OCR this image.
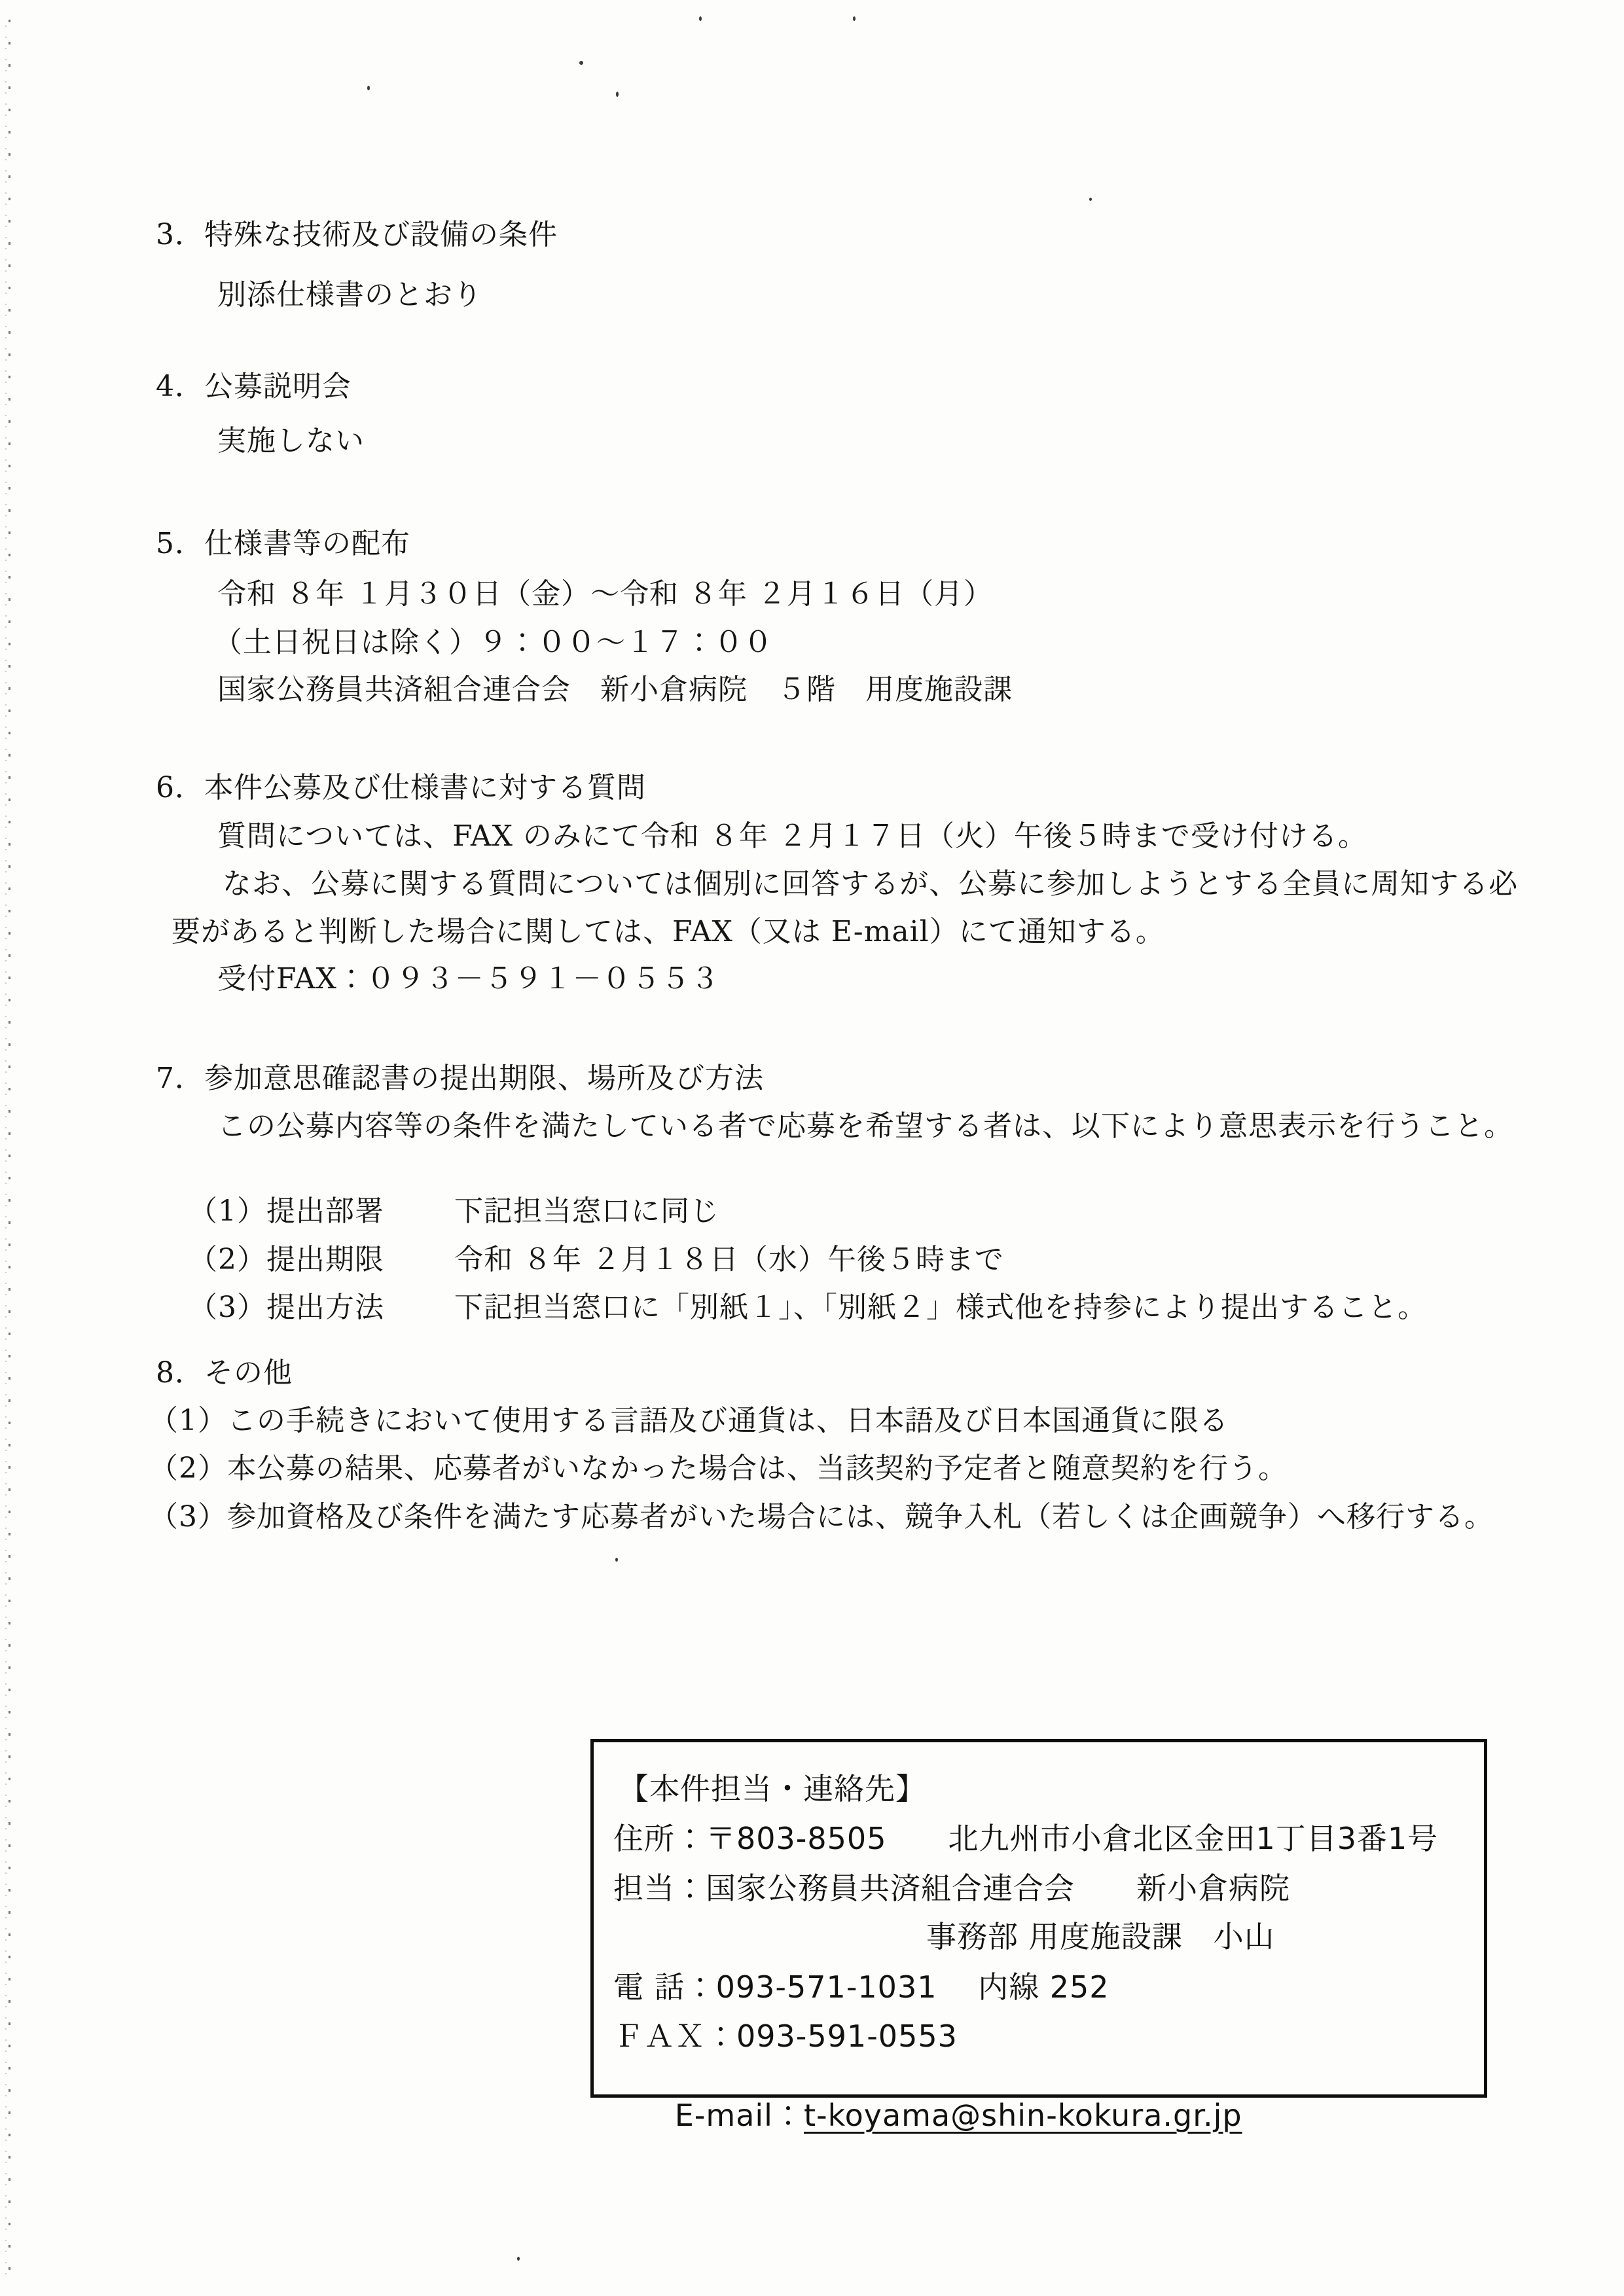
3．特殊な技術及び設備の条件
別添仕様書のとおり
4．公募説明会
実施しない
5．仕様書等の配布
令和 ８年 １月３０日（金）～令和 ８年 ２月１６日（月）
（土日祝日は除く）９：００～１７：００
国家公務員共済組合連合会　新小倉病院　５階　用度施設課
6．本件公募及び仕様書に対する質問
質問については、FAX のみにて令和 ８年 ２月１７日（火）午後５時まで受け付ける。
なお、公募に関する質問については個別に回答するが、公募に参加しようとする全員に周知する必
要があると判断した場合に関しては、FAX（又は E-mail）にて通知する。
受付FAX：０９３－５９１－０５５３
7．参加意思確認書の提出期限、場所及び方法
この公募内容等の条件を満たしている者で応募を希望する者は、以下により意思表示を行うこと。

（1）提出部署 下記担当窓口に同じ

（2）提出期限 令和 ８年 ２月１８日（水）午後５時まで

（3）提出方法 下記担当窓口に「別紙１」、「別紙２」様式他を持参により提出すること。

8．その他
（1）この手続きにおいて使用する言語及び通貨は、日本語及び日本国通貨に限る
（2）本公募の結果、応募者がいなかった場合は、当該契約予定者と随意契約を行う。
（3）参加資格及び条件を満たす応募者がいた場合には、競争入札（若しくは企画競争）へ移行する。
【本件担当・連絡先】
住所：〒803-8505　　北九州市小倉北区金田1丁目3番1号
担当：国家公務員共済組合連合会　　新小倉病院
事務部 用度施設課　小山
電 話：093-571-1031　 内線 252
ＦＡＸ：093-591-0553

E-mail：t-koyama@shin-kokura.gr.jp
